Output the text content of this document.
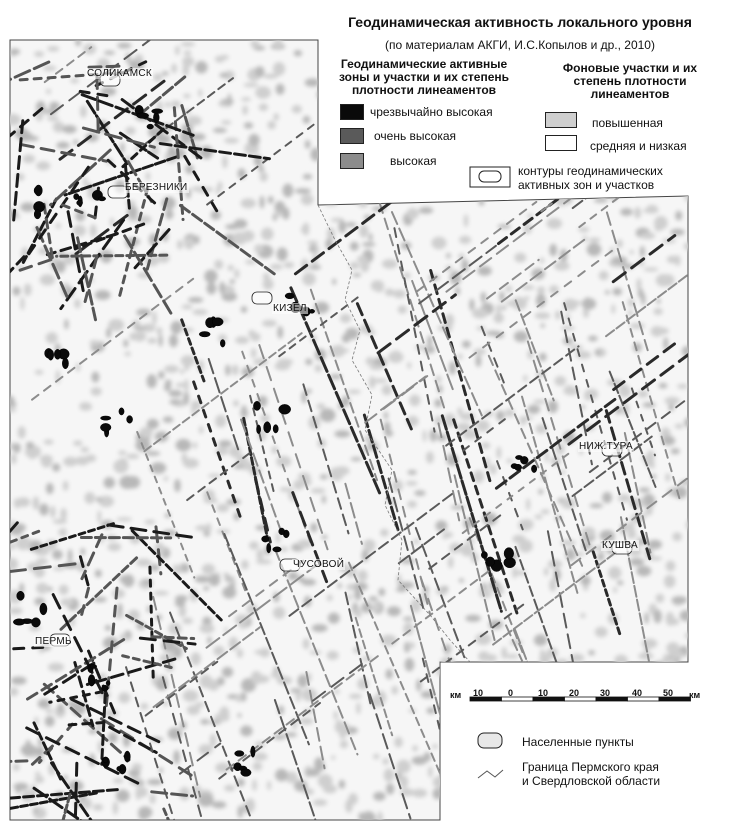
Геодинамическая активность локального уровня
(по материалам АКГИ, И.С.Копылов и др., 2010)
Геодинамические активные
зоны и участки и их степень
плотности линеаментов
Фоновые участки и их
степень плотности
линеаментов
чрезвычайно высокая
очень высокая
высокая
повышенная
средняя и низкая
контуры геодинамических
активных зон и участков
СОЛИКАМСК
БЕРЕЗНИКИ
КИЗЕЛ
ЧУСОВОЙ
ПЕРМЬ
НИЖ.ТУРА
КУШВА
км	км
10	0	10 20 30 40 50
Населенные пункты
Граница Пермского края
и Свердловской области
